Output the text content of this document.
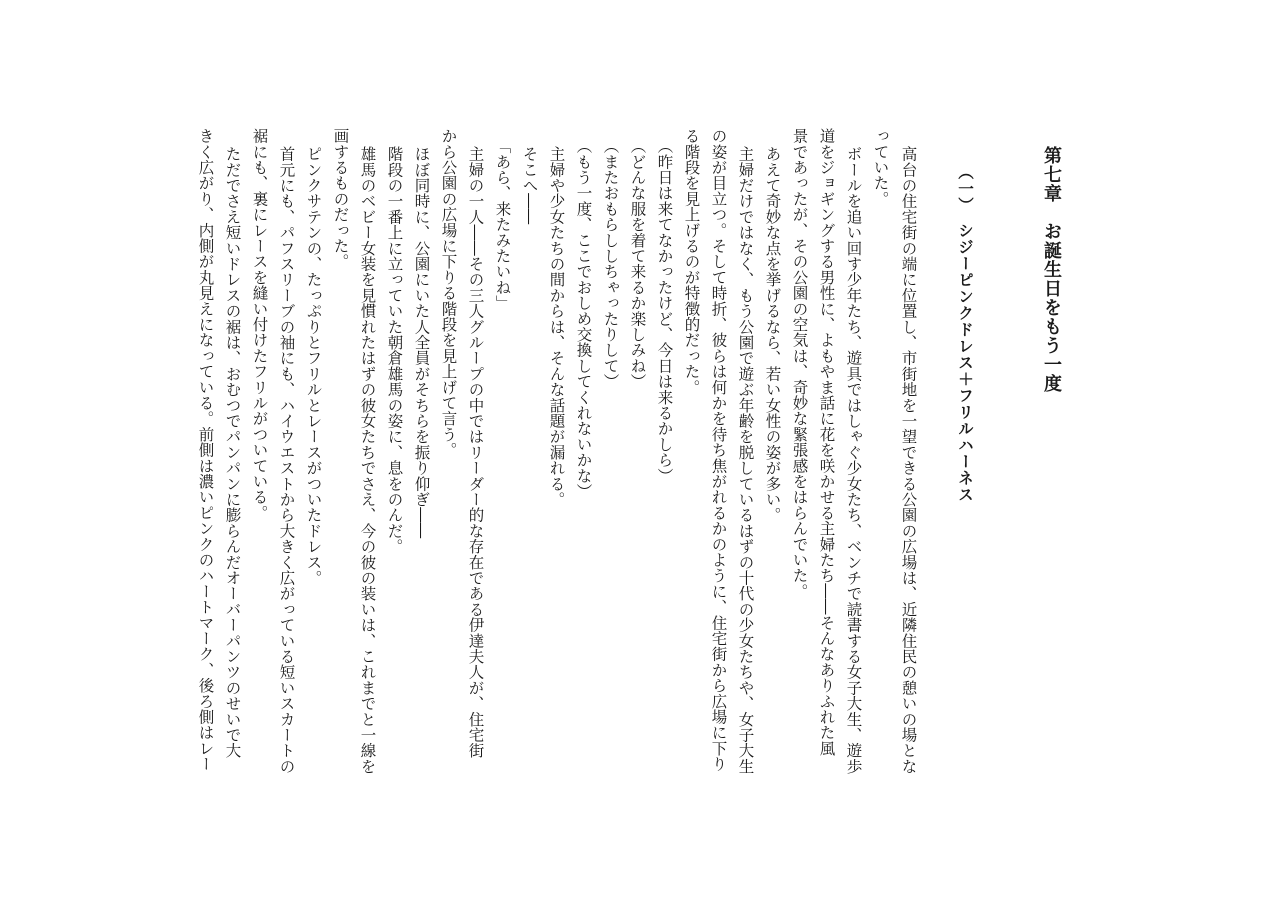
第七章　お誕生日をもう一度
（一）　シジーピンクドレス＋フリルハーネス

高台の住宅街の端に位置し、市街地を一望できる公園の広場は、近隣住民の憩いの場とな

っていた。

ボールを追い回す少年たち、遊具ではしゃぐ少女たち、ベンチで読書する女子大生、遊歩

道をジョギングする男性に、よもやま話に花を咲かせる主婦たち――そんなありふれた風

景であったが、その公園の空気は、奇妙な緊張感をはらんでいた。

あえて奇妙な点を挙げるなら、若い女性の姿が多い。

主婦だけではなく、もう公園で遊ぶ年齢を脱しているはずの十代の少女たちや、女子大生

の姿が目立つ。そして時折、彼らは何かを待ち焦がれるかのように、住宅街から広場に下り

る階段を見上げるのが特徴的だった。

（昨日は来てなかったけど、今日は来るかしら）

（どんな服を着て来るか楽しみね）

（またおもらししちゃったりして）

（もう一度、ここでおしめ交換してくれないかな）

主婦や少女たちの間からは、そんな話題が漏れる。

そこへ――

「あら、来たみたいね」

主婦の一人――その三人グループの中ではリーダー的な存在である伊達夫人が、住宅街

から公園の広場に下りる階段を見上げて言う。

ほぼ同時に、公園にいた人全員がそちらを振り仰ぎ――

階段の一番上に立っていた朝倉雄馬の姿に、息をのんだ。

雄馬のベビー女装を見慣れたはずの彼女たちでさえ、今の彼の装いは、これまでと一線を

画するものだった。

ピンクサテンの、たっぷりとフリルとレースがついたドレス。

首元にも、パフスリーブの袖にも、ハイウエストから大きく広がっている短いスカートの

裾にも、裏にレースを縫い付けたフリルがついている。

ただでさえ短いドレスの裾は、おむつでパンパンに膨らんだオーバーパンツのせいで大

きく広がり、内側が丸見えになっている。前側は濃いピンクのハートマーク、後ろ側はレー
